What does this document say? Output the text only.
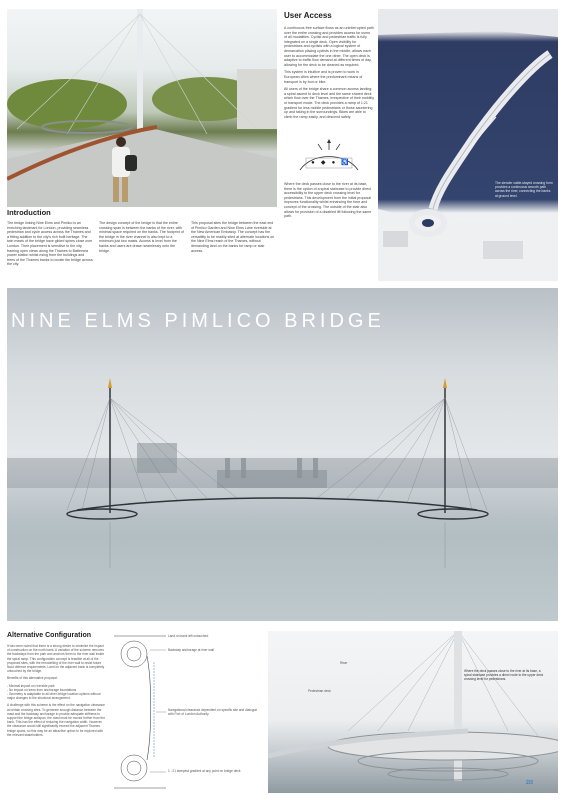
User Access

A continuous free surface flows as an uninterrupted path over the entire crossing and provides access for users of all modalities. Cyclist and pedestrian traffic is fully integrated on a single deck. Open visibility for pedestrians and cyclists with a logical system of demarcation placing cyclists in the middle, allows each user to accommodate the one other. The open deck is adaptive to traffic flow demand at different times of day, allowing for the deck to be cleaned as required.

This system is intuitive and is proven to work in European cities where the predominant means of transport is by foot or bike.

All users of the bridge share a common access landing; a spiral ascent to deck level and the same shared deck which flow over the Thames, irrespective of their mobility or transport mode. The deck provides a ramp of 1:21 gradient for less mobile pedestrians or those sauntering up and taking in the surroundings. Bikes are able to climb the ramp easily, and descend safely.

● ◆ ● ♿
Where the deck passes close to the river at its base, there is the option of a spiral staircase to provide direct accessibility to the upper deck crossing level for pedestrians. This development from the initial proposal improves functionality whilst enhancing the form and concept of the crossing. The outside of the stair also allows for provision of a disabled lift following the same path.
The slender cable-stayed crossing form provides a continuous smooth path across the river, connecting the banks at ground level.
Introduction
The bridge linking Nine Elms and Pimlico is an enriching landmark for London, providing seamless pedestrian and cycle access across the Thames and a fitting addition to the city's rich built heritage. The twin masts of the bridge have gilded spires close over London. Their placement is sensitive to the city, framing open views along the Thames to Battersea power station whilst rising from the buildings and trees of the Thames banks to locate the bridge across the city.
The design concept of the bridge is that the entire crossing span is between the banks of the river, with minimal space required on the banks. The footprint of the bridge in the river channel is also kept to a minimum just two masts. Access is level from the banks and users are drawn seamlessly onto the bridge.
This proposal sites the bridge between the east end of Pimlico Garden and Nine Elms Lane riverside at the New American Embassy. The concept has the versatility to be readily sited at alternate locations on the Nine Elms reach of the Thames, without demanding land on the banks for ramp or stair access.
NINE ELMS PIMLICO BRIDGE
Alternative Configuration

It has been noted that there is a strong desire to minimise the impact of construction on the north bank. A variation of the scheme removes the backstays from the park and anchors them to the river wall inside the spiral ramp. This configuration concept is feasible at all of the proposed sites, with the remodelling of the river wall to resist future flood defence requirements. Land on the adjacent bank is completely untouched by the bridge.

Benefits of this alternative proposal:

- Minimal impact on riverside park

- No impact on trees from anchorage foundations

- Geometry is adaptable to all other bridge location options without major changes to the structural arrangement.

A challenge with this scheme is the effect on the navigation clearance at certain crossing sites. To generate enough distance between the mast and the backstay anchorage to provide adequate stiffness to support the bridge antispan, the mast must be moved further from the bank. This has the effect of reducing the navigation width. However, the clearance would still significantly exceed the adjacent Thames bridge spans, so this may be an attractive option to be explored with the relevant stakeholders.

Land on bank left untouched
Backstay anchorage at river wall
Navigational clearance dependent on specific site and dialogue with Port of London Authority
1 : 21 steepest gradient at any point on bridge deck
Riser
Pedestrian deck
Where the deck passes close to the river at its base, a spiral staircase provides a direct route to the upper deck crossing level for pedestrians.
2/3
